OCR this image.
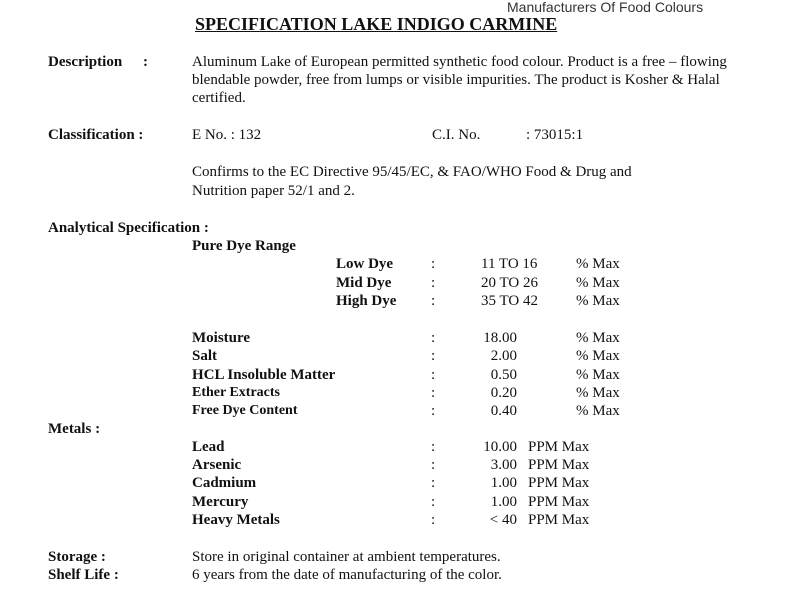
Manufacturers Of Food Colours
SPECIFICATION LAKE INDIGO CARMINE
Description :	Aluminum Lake of European permitted synthetic food colour. Product is a free – flowing blendable powder, free from lumps or visible impurities. The product is Kosher & Halal certified.
Classification :	E No. : 132	C.I. No.	: 73015:1
Confirms to the EC Directive 95/45/EC, & FAO/WHO Food & Drug and
Nutrition paper 52/1 and 2.
Analytical Specification :
Pure Dye Range
Low Dye	:	11 TO 16	% Max
Mid Dye	:	20 TO 26	% Max
High Dye :	35 TO 42	% Max
Moisture	:	18.00	% Max
Salt	:	2.00	% Max
HCL Insoluble Matter	:	0.50	% Max
Ether Extracts	:	0.20	% Max
Free Dye Content	:	0.40	% Max
Metals :
Lead	:	10.00 PPM Max
Arsenic	:	3.00 PPM Max
Cadmium	:	1.00 PPM Max
Mercury	:	1.00 PPM Max
Heavy Metals	:	< 40 PPM Max
Storage :	Store in original container at ambient temperatures.
Shelf Life :	6 years from the date of manufacturing of the color.
